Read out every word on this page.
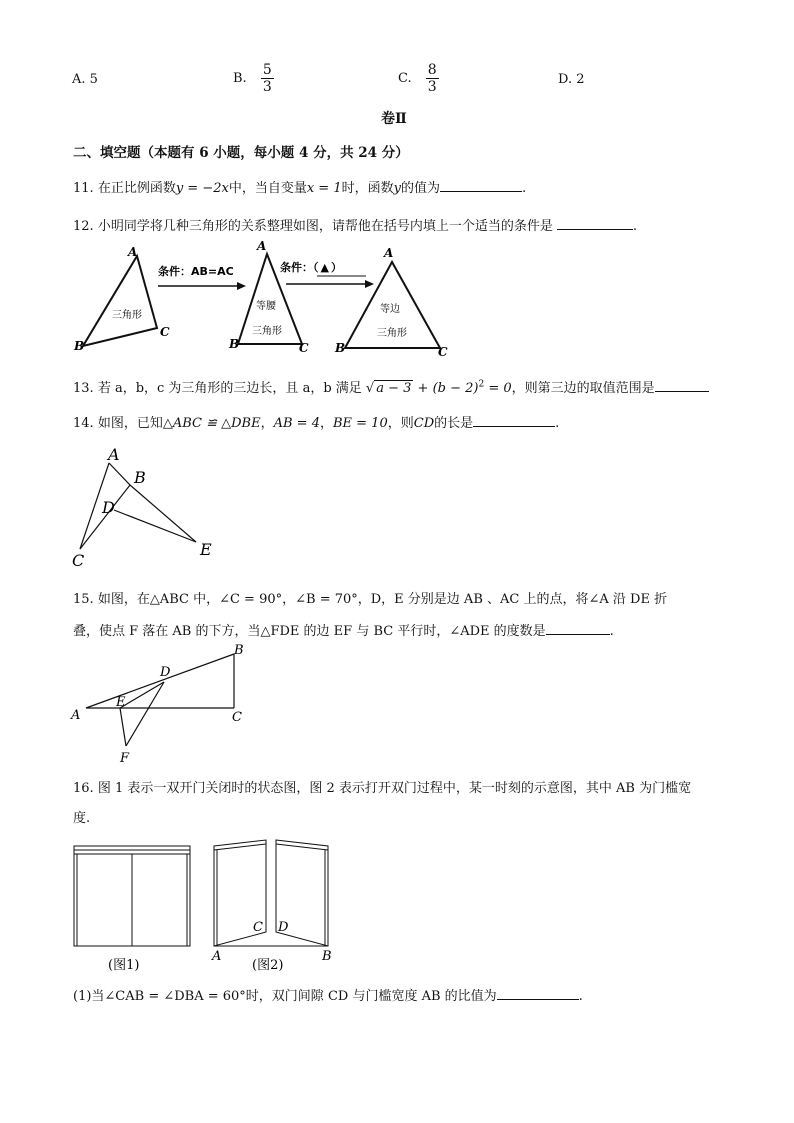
A. 5	B. $\frac{5}{3}$	C. $\frac{8}{3}$	D. 2
卷Ⅱ
二、填空题（本题有 6 小题，每小题 4 分，共 24 分）
11. 在正比例函数y = −2x中，当自变量x = 1时，函数y的值为	.
12. 小明同学将几种三角形的关系整理如图，请帮他在括号内填上一个适当的条件是	.
A
B
C
三角形
条件：AB=AC
A
B	C
等腰
三角形
条件：（ ▲ ）
A
B	C
等边
三角形
13. 若 a，b，c 为三角形的三边长，且 a，b 满足 √ $a - 3 + (b - 2)^2 = 0$，则第三边的取值范围是
14. 如图，已知△ABC ≌ △DBE，AB = 4，BE = 10，则CD的长是	.
A
B
D
C
E
15. 如图，在△ABC 中，∠C = 90°，∠B = 70°，D，E 分别是边 AB 、AC 上的点，将∠A 沿 DE 折
叠，使点 F 落在 AB 的下方，当△FDE 的边 EF 与 BC 平行时，∠ADE 的度数是	.
A
B
C
D
E
F
16. 图 1 表示一双开门关闭时的状态图，图 2 表示打开双门过程中，某一时刻的示意图，其中 AB 为门槛宽
度.
(图1)
C D
A	B
(图2)
(1)当∠CAB = ∠DBA = 60°时，双门间隙 CD 与门槛宽度 AB 的比值为	.
